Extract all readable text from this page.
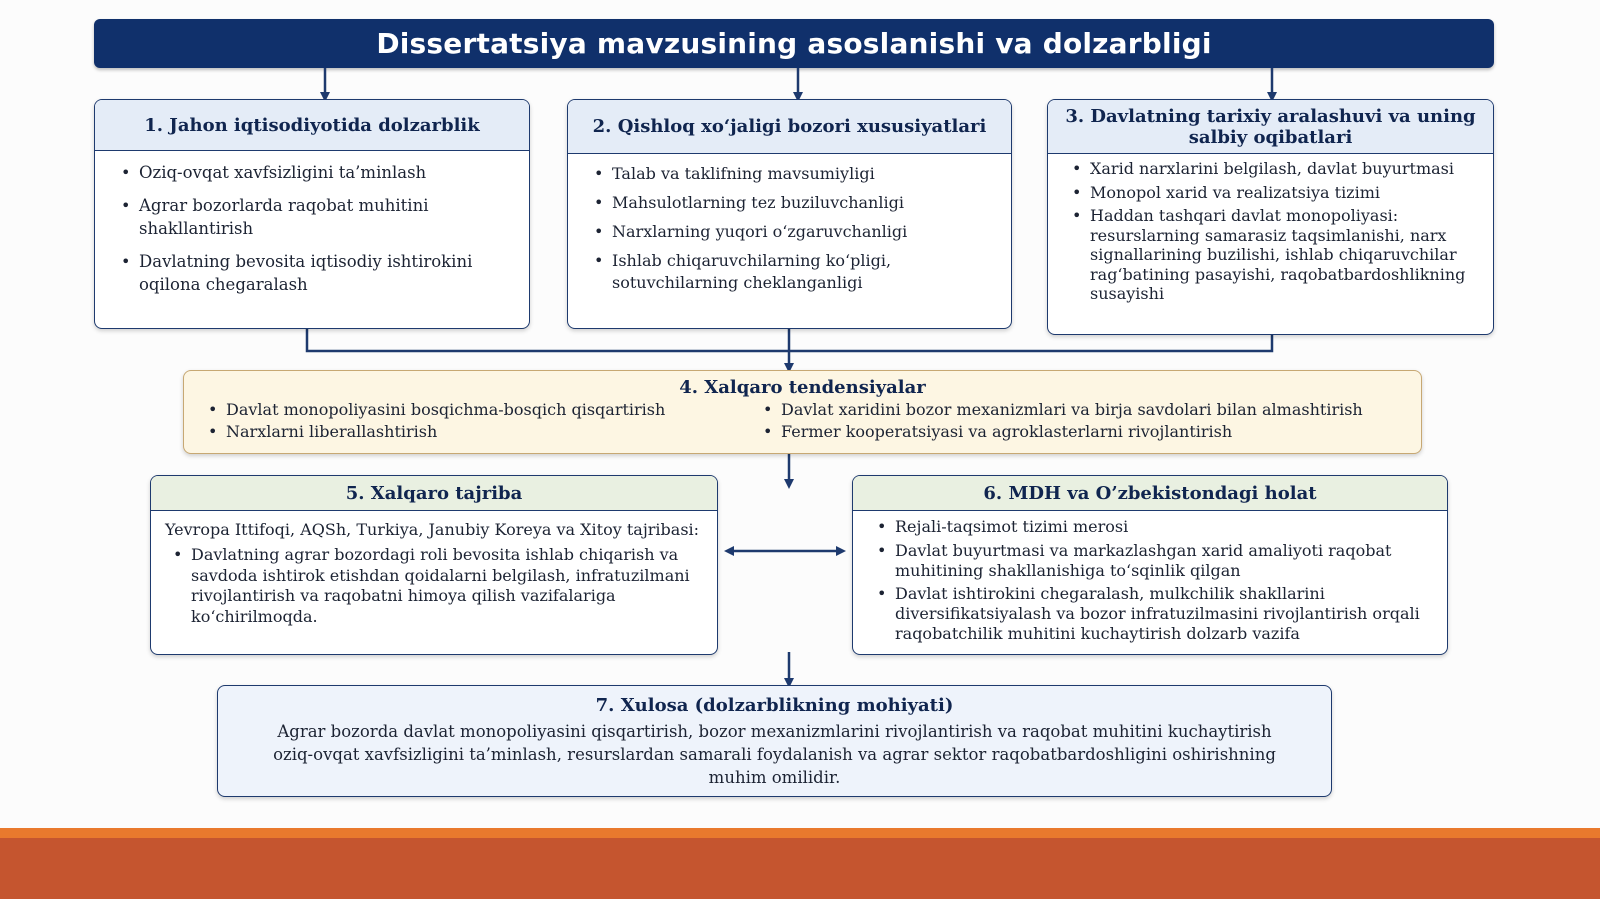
Dissertatsiya mavzusining asoslanishi va dolzarbligi
1. Jahon iqtisodiyotida dolzarblik
• Oziq-ovqat xavfsizligini ta’minlash
• Agrar bozorlarda raqobat muhitini shakllantirish
• Davlatning bevosita iqtisodiy ishtirokini oqilona chegaralash
2. Qishloq xo‘jaligi bozori xususiyatlari
• Talab va taklifning mavsumiyligi
• Mahsulotlarning tez buziluvchanligi
• Narxlarning yuqori o‘zgaruvchanligi
• Ishlab chiqaruvchilarning ko‘pligi, sotuvchilarning cheklanganligi
3. Davlatning tarixiy aralashuvi va uning salbiy oqibatlari
• Xarid narxlarini belgilash, davlat buyurtmasi
• Monopol xarid va realizatsiya tizimi
• Haddan tashqari davlat monopoliyasi: resurslarning samarasiz taqsimlanishi, narx signallarining buzilishi, ishlab chiqaruvchilar rag‘batining pasayishi, raqobatbardoshlikning susayishi
4. Xalqaro tendensiyalar
• Davlat monopoliyasini bosqichma-bosqich qisqartirish
• Narxlarni liberallashtirish
• Davlat xaridini bozor mexanizmlari va birja savdolari bilan almashtirish
• Fermer kooperatsiyasi va agroklasterlarni rivojlantirish
5. Xalqaro tajriba
Yevropa Ittifoqi, AQSh, Turkiya, Janubiy Koreya va Xitoy tajribasi:
• Davlatning agrar bozordagi roli bevosita ishlab chiqarish va savdoda ishtirok etishdan qoidalarni belgilash, infratuzilmani rivojlantirish va raqobatni himoya qilish vazifalariga ko‘chirilmoqda.
6. MDH va O’zbekistondagi holat
• Rejali-taqsimot tizimi merosi
• Davlat buyurtmasi va markazlashgan xarid amaliyoti raqobat muhitining shakllanishiga to‘sqinlik qilgan
• Davlat ishtirokini chegaralash, mulkchilik shakllarini diversifikatsiyalash va bozor infratuzilmasini rivojlantirish orqali raqobatchilik muhitini kuchaytirish dolzarb vazifa
7. Xulosa (dolzarblikning mohiyati)
Agrar bozorda davlat monopoliyasini qisqartirish, bozor mexanizmlarini rivojlantirish va raqobat muhitini kuchaytirish oziq-ovqat xavfsizligini ta’minlash, resurslardan samarali foydalanish va agrar sektor raqobatbardoshligini oshirishning muhim omilidir.
